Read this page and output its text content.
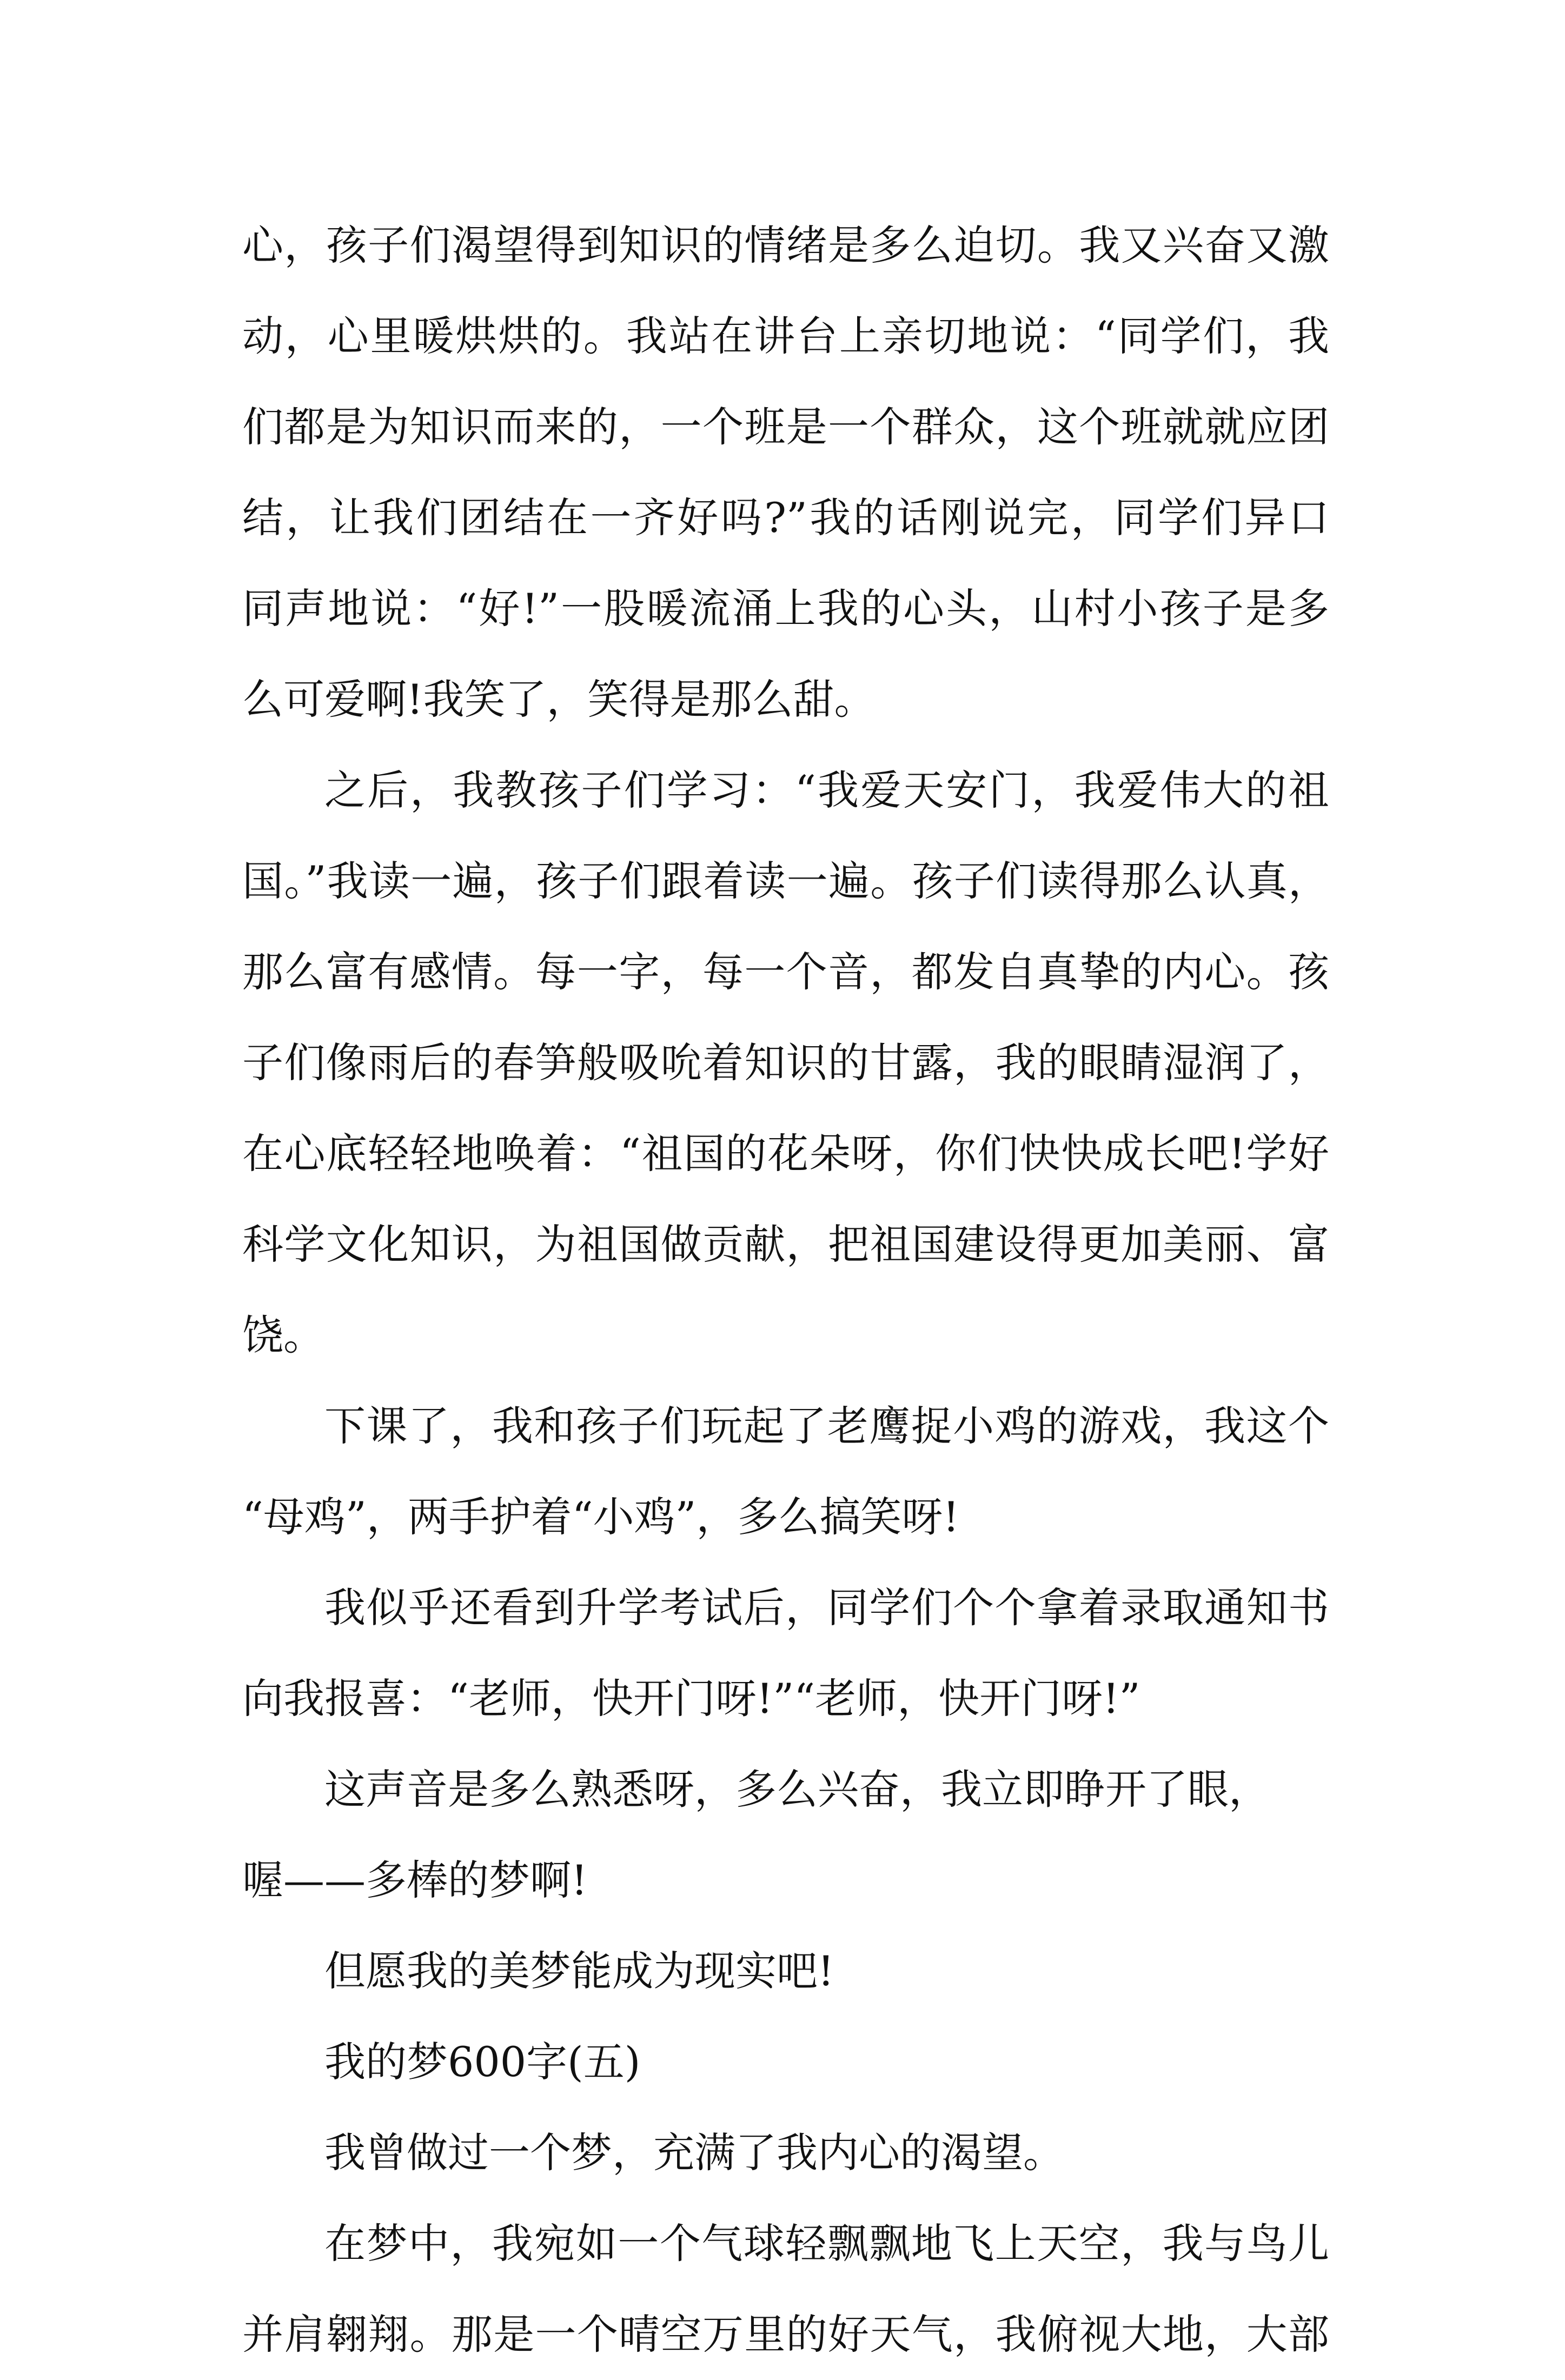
心，孩子们渴望得到知识的情绪是多么迫切。我又兴奋又激
动，心里暖烘烘的。我站在讲台上亲切地说：“同学们，我
们都是为知识而来的，一个班是一个群众，这个班就就应团
结，让我们团结在一齐好吗?”我的话刚说完，同学们异口
同声地说：“好!”一股暖流涌上我的心头，山村小孩子是多
么可爱啊!我笑了，笑得是那么甜。
之后，我教孩子们学习：“我爱天安门，我爱伟大的祖
国。”我读一遍，孩子们跟着读一遍。孩子们读得那么认真，
那么富有感情。每一字，每一个音，都发自真挚的内心。孩
子们像雨后的春笋般吸吮着知识的甘露，我的眼睛湿润了，
在心底轻轻地唤着：“祖国的花朵呀，你们快快成长吧!学好
科学文化知识，为祖国做贡献，把祖国建设得更加美丽、富
饶。
下课了，我和孩子们玩起了老鹰捉小鸡的游戏，我这个
“母鸡”，两手护着“小鸡”，多么搞笑呀!
我似乎还看到升学考试后，同学们个个拿着录取通知书
向我报喜：“老师，快开门呀!”“老师，快开门呀!”
这声音是多么熟悉呀，多么兴奋，我立即睁开了眼，
喔——多棒的梦啊!
但愿我的美梦能成为现实吧!
我的梦600字(五)
我曾做过一个梦，充满了我内心的渴望。
在梦中，我宛如一个气球轻飘飘地飞上天空，我与鸟儿
并肩翱翔。那是一个晴空万里的好天气，我俯视大地，大部
